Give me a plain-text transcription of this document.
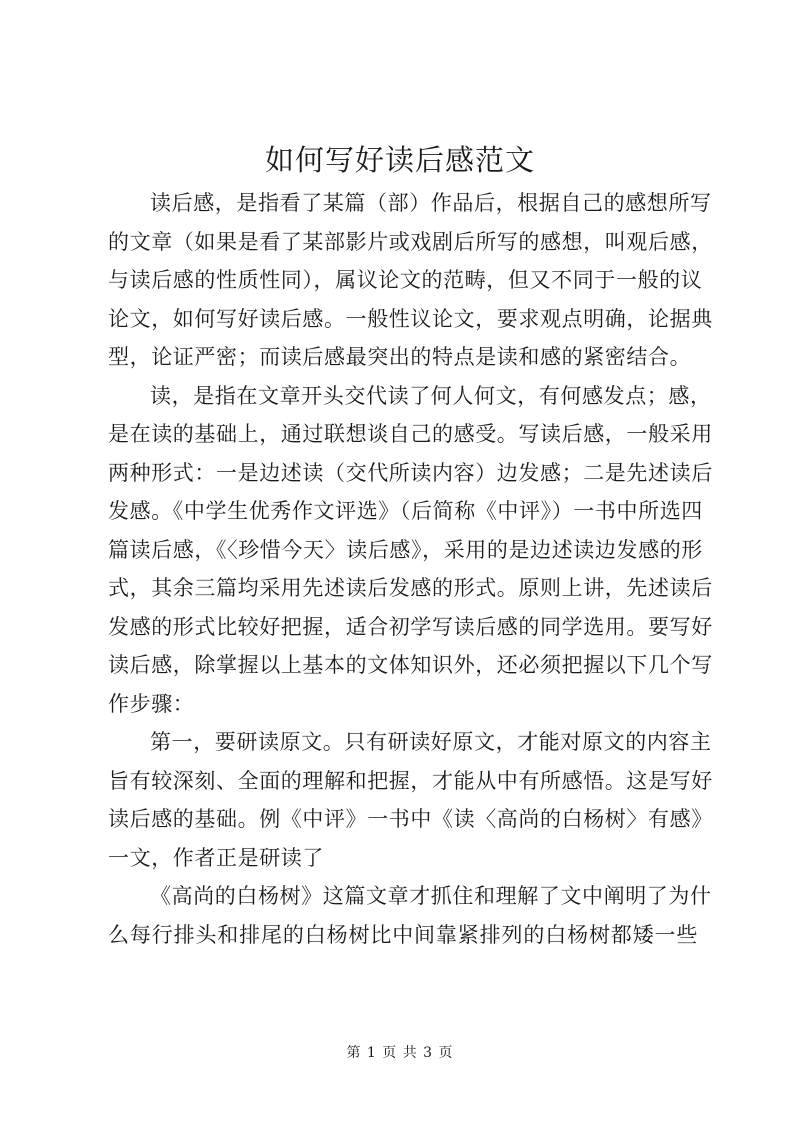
如何写好读后感范文
读后感，是指看了某篇（部）作品后，根据自己的感想所写
的文章（如果是看了某部影片或戏剧后所写的感想，叫观后感，
与读后感的性质性同），属议论文的范畴，但又不同于一般的议
论文，如何写好读后感。一般性议论文，要求观点明确，论据典
型，论证严密；而读后感最突出的特点是读和感的紧密结合。
读，是指在文章开头交代读了何人何文，有何感发点；感，
是在读的基础上，通过联想谈自己的感受。写读后感，一般采用
两种形式：一是边述读（交代所读内容）边发感；二是先述读后
发感。《中学生优秀作文评选》（后简称《中评》）一书中所选四
篇读后感，《〈珍惜今天〉读后感》，采用的是边述读边发感的形
式，其余三篇均采用先述读后发感的形式。原则上讲，先述读后
发感的形式比较好把握，适合初学写读后感的同学选用。要写好
读后感，除掌握以上基本的文体知识外，还必须把握以下几个写
作步骤：
第一，要研读原文。只有研读好原文，才能对原文的内容主
旨有较深刻、全面的理解和把握，才能从中有所感悟。这是写好
读后感的基础。例《中评》一书中《读〈高尚的白杨树〉有感》
一文，作者正是研读了
《高尚的白杨树》这篇文章才抓住和理解了文中阐明了为什
么每行排头和排尾的白杨树比中间靠紧排列的白杨树都矮一些
第 1 页 共 3 页
